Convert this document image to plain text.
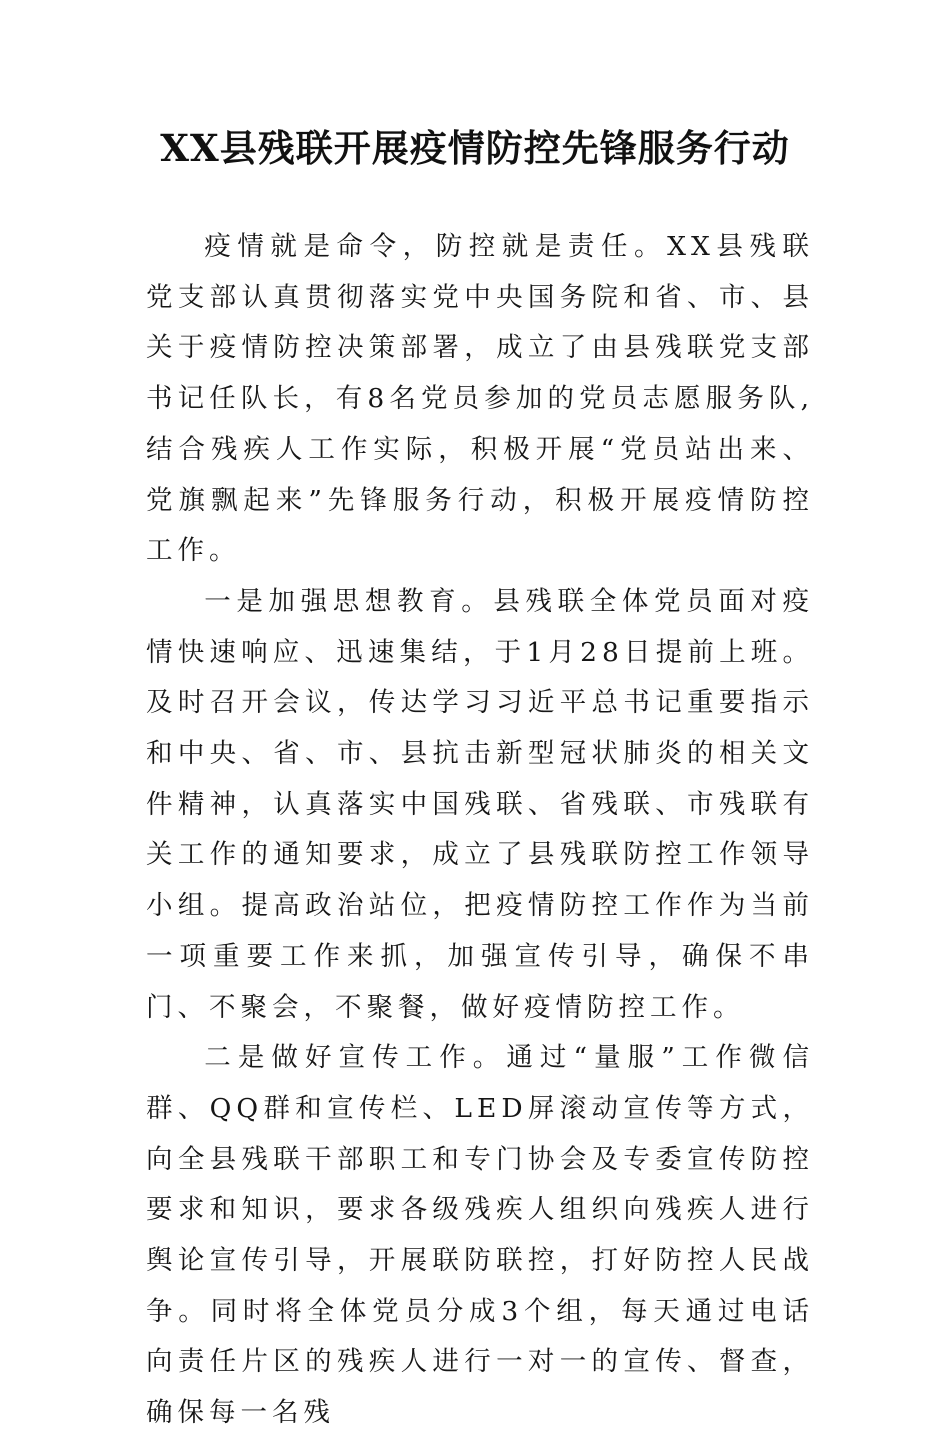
XX县残联开展疫情防控先锋服务行动

疫情就是命令，防控就是责任。XX县残联党支部认真贯彻落实党中央国务院和省、市、县关于疫情防控决策部署，成立了由县残联党支部书记任队长，有8名党员参加的党员志愿服务队,结合残疾人工作实际，积极开展“党员站出来、党旗飘起来”先锋服务行动，积极开展疫情防控工作。

一是加强思想教育。县残联全体党员面对疫情快速响应、迅速集结，于1月28日提前上班。及时召开会议，传达学习习近平总书记重要指示和中央、省、市、县抗击新型冠状肺炎的相关文件精神，认真落实中国残联、省残联、市残联有关工作的通知要求，成立了县残联防控工作领导小组。提高政治站位，把疫情防控工作作为当前一项重要工作来抓，加强宣传引导，确保不串门、不聚会，不聚餐，做好疫情防控工作。

二是做好宣传工作。通过“量服”工作微信群、QQ群和宣传栏、LED屏滚动宣传等方式，向全县残联干部职工和专门协会及专委宣传防控要求和知识，要求各级残疾人组织向残疾人进行舆论宣传引导，开展联防联控，打好防控人民战争。同时将全体党员分成3个组，每天通过电话向责任片区的残疾人进行一对一的宣传、督查，确保每一名残
